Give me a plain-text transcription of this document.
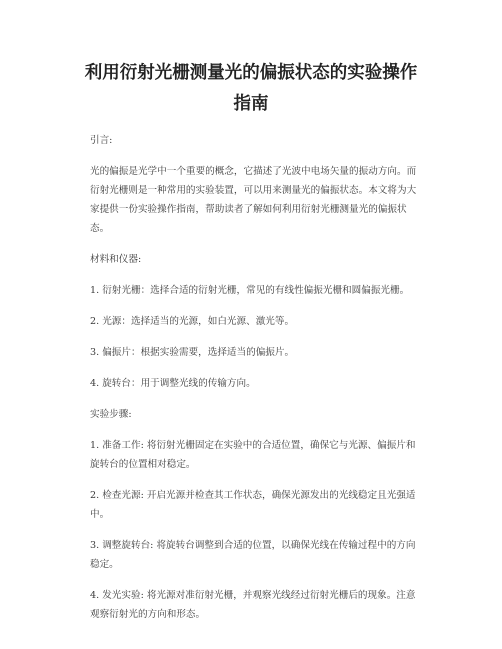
利用衍射光栅测量光的偏振状态的实验操作
指南

引言:

光的偏振是光学中一个重要的概念，它描述了光波中电场矢量的振动方向。而衍射光栅则是一种常用的实验装置，可以用来测量光的偏振状态。本文将为大家提供一份实验操作指南，帮助读者了解如何利用衍射光栅测量光的偏振状态。

材料和仪器:

1. 衍射光栅：选择合适的衍射光栅，常见的有线性偏振光栅和圆偏振光栅。

2. 光源：选择适当的光源，如白光源、激光等。

3. 偏振片：根据实验需要，选择适当的偏振片。

4. 旋转台：用于调整光线的传输方向。

实验步骤:

1. 准备工作: 将衍射光栅固定在实验中的合适位置，确保它与光源、偏振片和旋转台的位置相对稳定。

2. 检查光源: 开启光源并检查其工作状态，确保光源发出的光线稳定且光强适中。

3. 调整旋转台: 将旋转台调整到合适的位置，以确保光线在传输过程中的方向稳定。

4. 发光实验: 将光源对准衍射光栅，并观察光线经过衍射光栅后的现象。注意观察衍射光的方向和形态。
